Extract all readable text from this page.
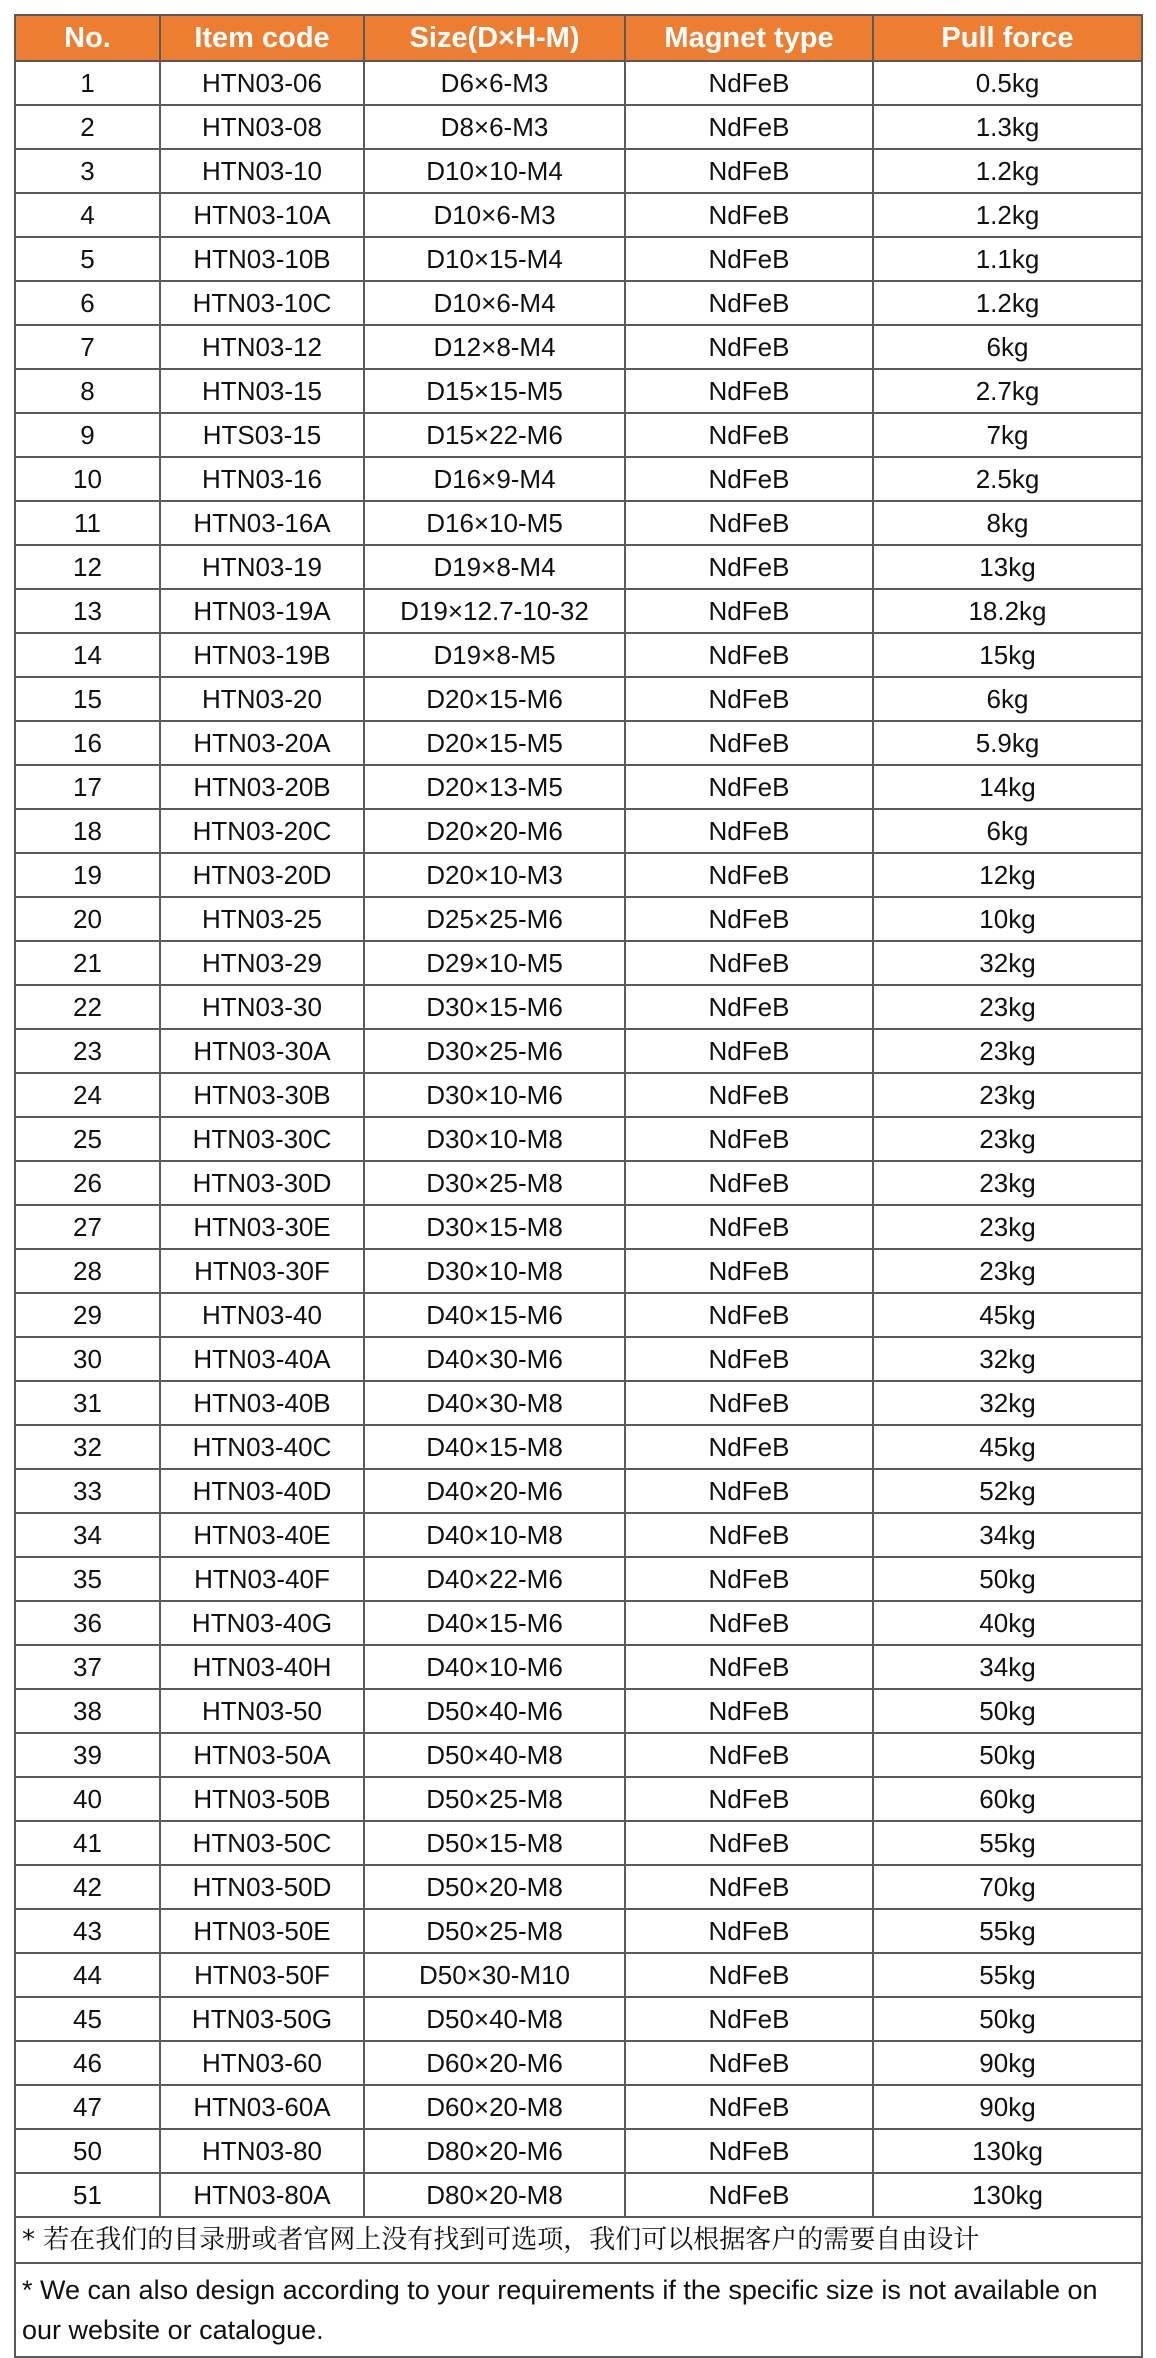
No.	Item code	Size(D×H-M)	Magnet type	Pull force
1	HTN03-06	D6×6-M3	NdFeB	0.5kg
2	HTN03-08	D8×6-M3	NdFeB	1.3kg
3	HTN03-10	D10×10-M4	NdFeB	1.2kg
4	HTN03-10A	D10×6-M3	NdFeB	1.2kg
5	HTN03-10B	D10×15-M4	NdFeB	1.1kg
6	HTN03-10C	D10×6-M4	NdFeB	1.2kg
7	HTN03-12	D12×8-M4	NdFeB	6kg
8	HTN03-15	D15×15-M5	NdFeB	2.7kg
9	HTS03-15	D15×22-M6	NdFeB	7kg
10	HTN03-16	D16×9-M4	NdFeB	2.5kg
11	HTN03-16A	D16×10-M5	NdFeB	8kg
12	HTN03-19	D19×8-M4	NdFeB	13kg
13	HTN03-19A	D19×12.7-10-32	NdFeB	18.2kg
14	HTN03-19B	D19×8-M5	NdFeB	15kg
15	HTN03-20	D20×15-M6	NdFeB	6kg
16	HTN03-20A	D20×15-M5	NdFeB	5.9kg
17	HTN03-20B	D20×13-M5	NdFeB	14kg
18	HTN03-20C	D20×20-M6	NdFeB	6kg
19	HTN03-20D	D20×10-M3	NdFeB	12kg
20	HTN03-25	D25×25-M6	NdFeB	10kg
21	HTN03-29	D29×10-M5	NdFeB	32kg
22	HTN03-30	D30×15-M6	NdFeB	23kg
23	HTN03-30A	D30×25-M6	NdFeB	23kg
24	HTN03-30B	D30×10-M6	NdFeB	23kg
25	HTN03-30C	D30×10-M8	NdFeB	23kg
26	HTN03-30D	D30×25-M8	NdFeB	23kg
27	HTN03-30E	D30×15-M8	NdFeB	23kg
28	HTN03-30F	D30×10-M8	NdFeB	23kg
29	HTN03-40	D40×15-M6	NdFeB	45kg
30	HTN03-40A	D40×30-M6	NdFeB	32kg
31	HTN03-40B	D40×30-M8	NdFeB	32kg
32	HTN03-40C	D40×15-M8	NdFeB	45kg
33	HTN03-40D	D40×20-M6	NdFeB	52kg
34	HTN03-40E	D40×10-M8	NdFeB	34kg
35	HTN03-40F	D40×22-M6	NdFeB	50kg
36	HTN03-40G	D40×15-M6	NdFeB	40kg
37	HTN03-40H	D40×10-M6	NdFeB	34kg
38	HTN03-50	D50×40-M6	NdFeB	50kg
39	HTN03-50A	D50×40-M8	NdFeB	50kg
40	HTN03-50B	D50×25-M8	NdFeB	60kg
41	HTN03-50C	D50×15-M8	NdFeB	55kg
42	HTN03-50D	D50×20-M8	NdFeB	70kg
43	HTN03-50E	D50×25-M8	NdFeB	55kg
44	HTN03-50F	D50×30-M10	NdFeB	55kg
45	HTN03-50G	D50×40-M8	NdFeB	50kg
46	HTN03-60	D60×20-M6	NdFeB	90kg
47	HTN03-60A	D60×20-M8	NdFeB	90kg
50	HTN03-80	D80×20-M6	NdFeB	130kg
51	HTN03-80A	D80×20-M8	NdFeB	130kg
* 若在我们的目录册或者官网上没有找到可选项，我们可以根据客户的需要自由设计				
* We can also design according to your requirements if the specific size is not available on our website or catalogue.				
